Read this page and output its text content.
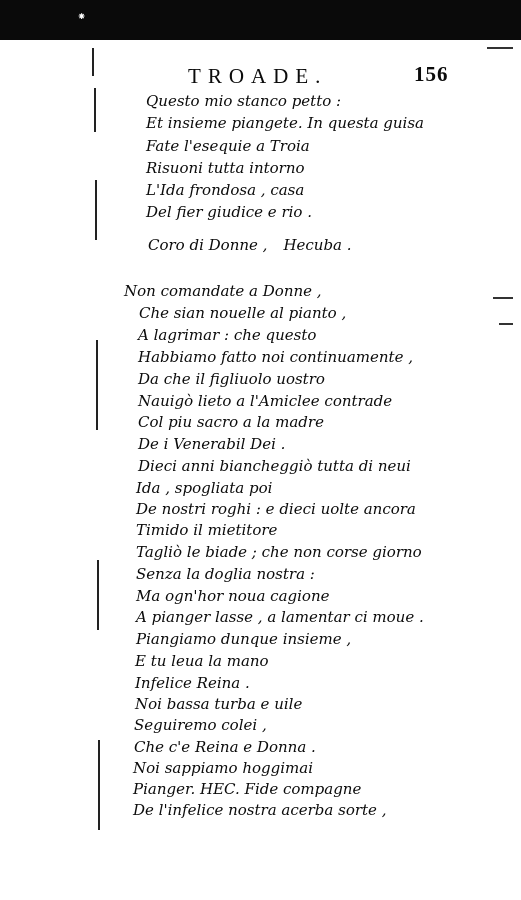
⁕
TROADE.	156
Questo mio stanco petto :
Et insieme piangete. In questa guisa
Fate l'esequie a Troia
Risuoni tutta intorno
L'Ida frondosa , casa
Del fier giudice e rio .
Coro di Donne , Hecuba .
Non comandate a Donne ,
Che sian nouelle al pianto ,
A lagrimar : che questo
Habbiamo fatto noi continuamente ,
Da che il figliuolo uostro
Nauigò lieto a l'Amiclee contrade
Col piu sacro a la madre
De i Venerabil Dei .
Dieci anni biancheggiò tutta di neui
Ida , spogliata poi
De nostri roghi : e dieci uolte ancora
Timido il mietitore
Tagliò le biade ; che non corse giorno
Senza la doglia nostra :
Ma ogn'hor noua cagione
A pianger lasse , a lamentar ci moue .
Piangiamo dunque insieme ,
E tu leua la mano
Infelice Reina .
Noi bassa turba e uile
Seguiremo colei ,
Che c'e Reina e Donna .
Noi sappiamo hoggimai
Pianger. HEC. Fide compagne
De l'infelice nostra acerba sorte ,
